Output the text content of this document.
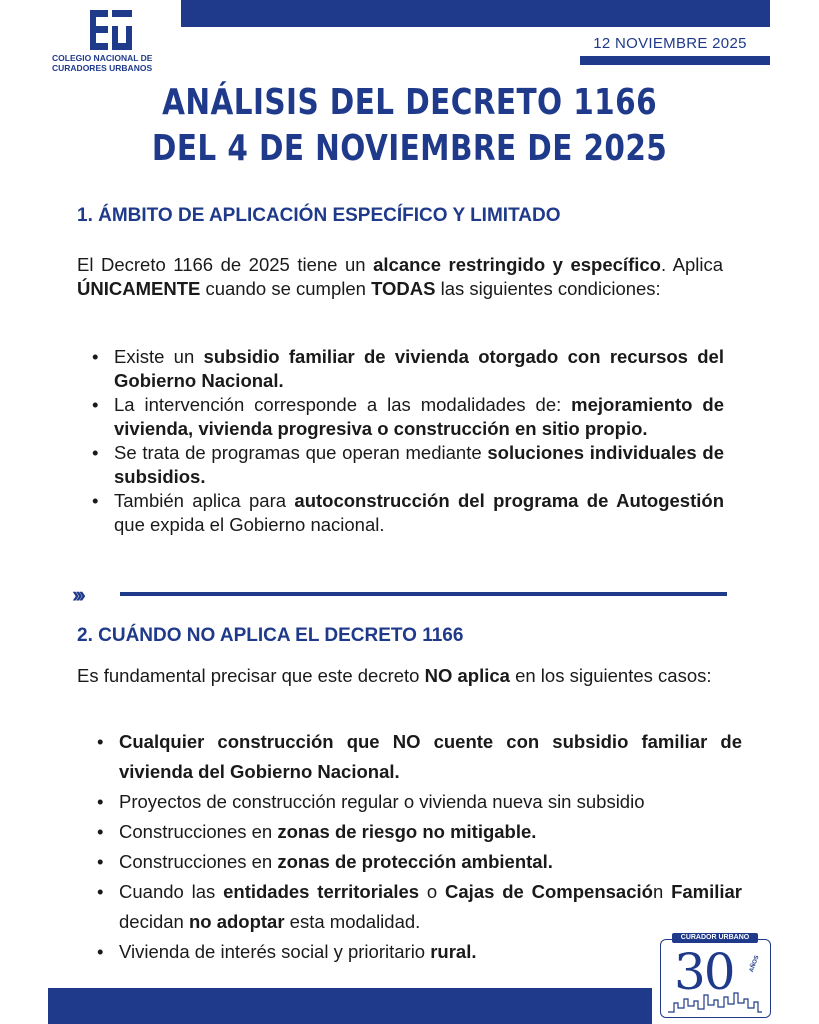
12 NOVIEMBRE 2025
COLEGIO NACIONAL DE
CURADORES URBANOS
ANÁLISIS DEL DECRETO 1166
DEL 4 DE NOVIEMBRE DE 2025
1. ÁMBITO DE APLICACIÓN ESPECÍFICO Y LIMITADO
El Decreto 1166 de 2025 tiene un alcance restringido y específico. Aplica ÚNICAMENTE cuando se cumplen TODAS las siguientes condiciones:
• Existe un subsidio familiar de vivienda otorgado con recursos del Gobierno Nacional.
• La intervención corresponde a las modalidades de: mejoramiento de vivienda, vivienda progresiva o construcción en sitio propio.
• Se trata de programas que operan mediante soluciones individuales de subsidios.
• También aplica para autoconstrucción del programa de Autogestión que expida el Gobierno nacional.
›››
2. CUÁNDO NO APLICA EL DECRETO 1166
Es fundamental precisar que este decreto NO aplica en los siguientes casos:
• Cualquier construcción que NO cuente con subsidio familiar de vivienda del Gobierno Nacional.
• Proyectos de construcción regular o vivienda nueva sin subsidio
• Construcciones en zonas de riesgo no mitigable.
• Construcciones en zonas de protección ambiental.
• Cuando las entidades territoriales o Cajas de Compensación Familiar decidan no adoptar esta modalidad.
• Vivienda de interés social y prioritario rural.
CURADOR URBANO
30	AÑOS
